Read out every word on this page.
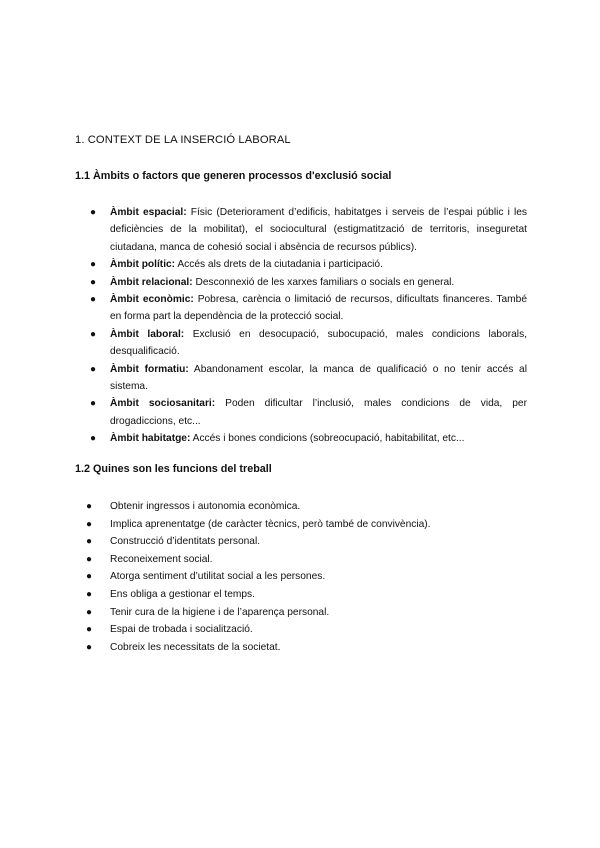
1. CONTEXT DE LA INSERCIÓ LABORAL

1.1 Àmbits o factors que generen processos d'exclusió social

● Àmbit espacial: Físic (Deteriorament d’edificis, habitatges i serveis de l’espai públic i les deficiències de la mobilitat), el sociocultural (estigmatització de territoris, inseguretat ciutadana, manca de cohesió social i absència de recursos públics).
● Àmbit polític: Accés als drets de la ciutadania i participació.
● Àmbit relacional: Desconnexió de les xarxes familiars o socials en general.
● Àmbit econòmic: Pobresa, carència o limitació de recursos, dificultats financeres. També en forma part la dependència de la protecció social.
● Àmbit laboral: Exclusió en desocupació, subocupació, males condicions laborals, desqualificació.
● Àmbit formatiu: Abandonament escolar, la manca de qualificació o no tenir accés al sistema.
● Àmbit sociosanitari: Poden dificultar l’inclusió, males condicions de vida, per drogadiccions, etc...
● Àmbit habitatge: Accés i bones condicions (sobreocupació, habitabilitat, etc...

1.2 Quines son les funcions del treball

● Obtenir ingressos i autonomia econòmica.
● Implica aprenentatge (de caràcter tècnics, però també de convivència).
● Construcció d’identitats personal.
● Reconeixement social.
● Atorga sentiment d’utilitat social a les persones.
● Ens obliga a gestionar el temps.
● Tenir cura de la higiene i de l’aparença personal.
● Espai de trobada i socialització.
● Cobreix les necessitats de la societat.
